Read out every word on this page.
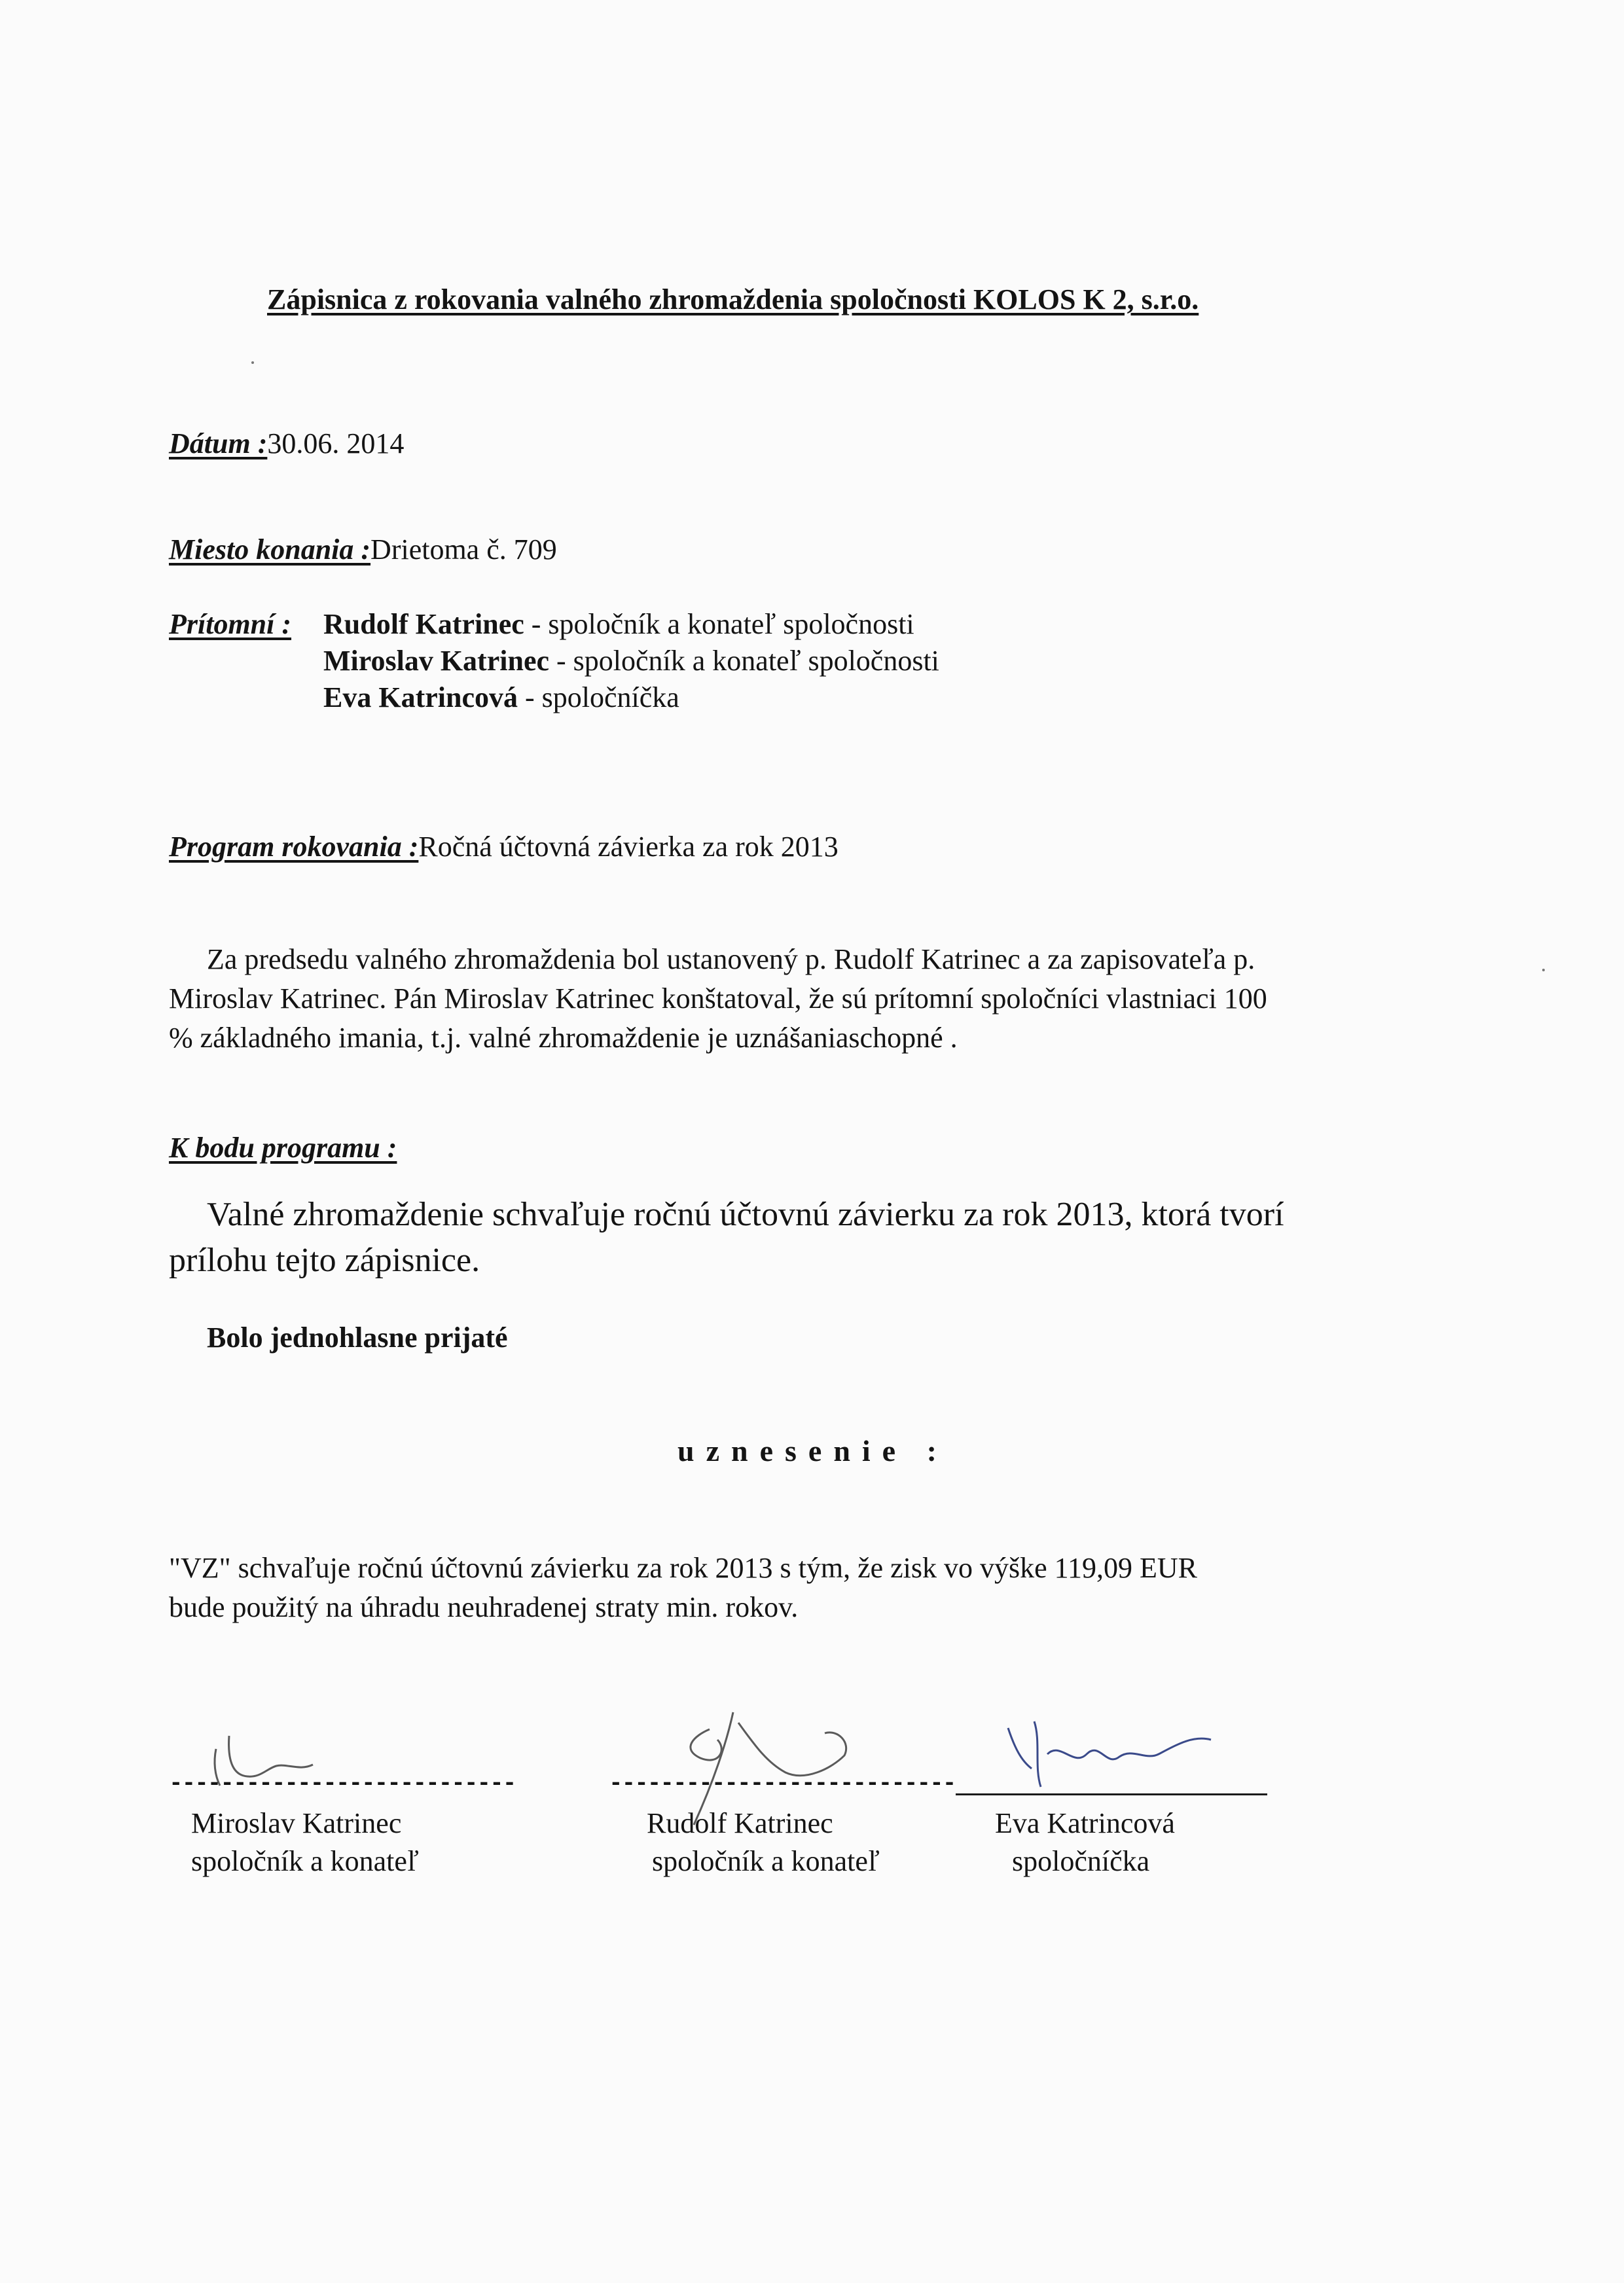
Zápisnica z rokovania valného zhromaždenia spoločnosti KOLOS K 2, s.r.o.
Dátum :30.06. 2014
Miesto konania :Drietoma č. 709
Prítomní : Rudolf Katrinec - spoločník a konateľ spoločnosti
Miroslav Katrinec - spoločník a konateľ spoločnosti
Eva Katrincová - spoločníčka
Program rokovania :Ročná účtovná závierka za rok 2013
Za predsedu valného zhromaždenia bol ustanovený p. Rudolf Katrinec a za zapisovateľa p.
Miroslav Katrinec. Pán Miroslav Katrinec konštatoval, že sú prítomní spoločníci vlastniaci 100
% základného imania, t.j. valné zhromaždenie je uznášaniaschopné .
K bodu programu :
Valné zhromaždenie schvaľuje ročnú účtovnú závierku za rok 2013, ktorá tvorí
prílohu tejto zápisnice.
Bolo jednohlasne prijaté
uznesenie :
"VZ" schvaľuje ročnú účtovnú závierku za rok 2013 s tým, že zisk vo výške 119,09 EUR
bude použitý na úhradu neuhradenej straty min. rokov.
---------------------------
Miroslav Katrinec
spoločník a konateľ
---------------------------
Rudolf Katrinec
spoločník a konateľ
Eva Katrincová
spoločníčka
